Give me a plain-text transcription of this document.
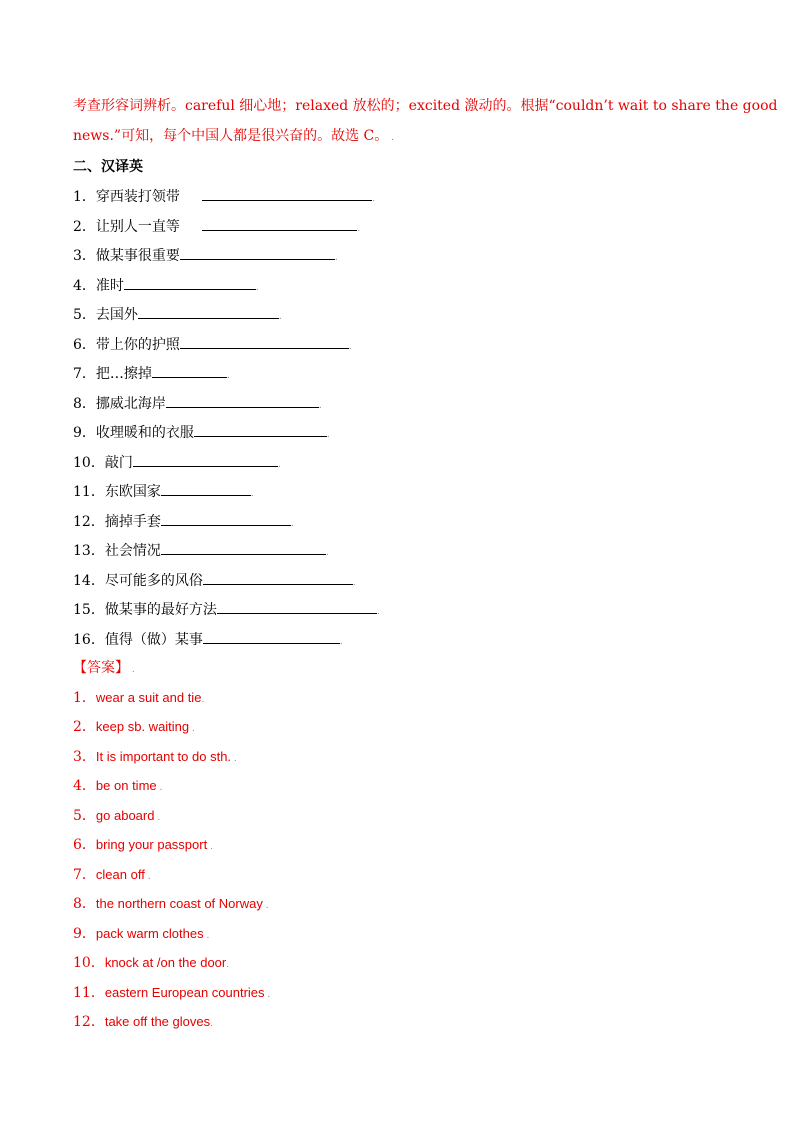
考查形容词辨析。careful 细心地；relaxed 放松的；excited 激动的。根据“couldn’t wait to share the good
news.”可知，每个中国人都是很兴奋的。故选 C。 .
二、汉译英
1．穿西装打领带	.
2．让别人一直等	.
3．做某事很重要	.
4．准时	.
5．去国外	.
6．带上你的护照	.
7．把…擦掉	.
8．挪威北海岸	.
9．收理暖和的衣服	.
10．敲门	.
11．东欧国家	.
12．摘掉手套	.
13．社会情况	.
14．尽可能多的风俗	.
15．做某事的最好方法	.
16．值得（做）某事	.
【答案】 .
1．wear a suit and tie.
2．keep sb. waiting .
3．It is important to do sth. .
4．be on time .
5．go aboard .
6．bring your passport .
7．clean off .
8．the northern coast of Norway .
9．pack warm clothes .
10．knock at /on the door.
11．eastern European countries .
12．take off the gloves.
